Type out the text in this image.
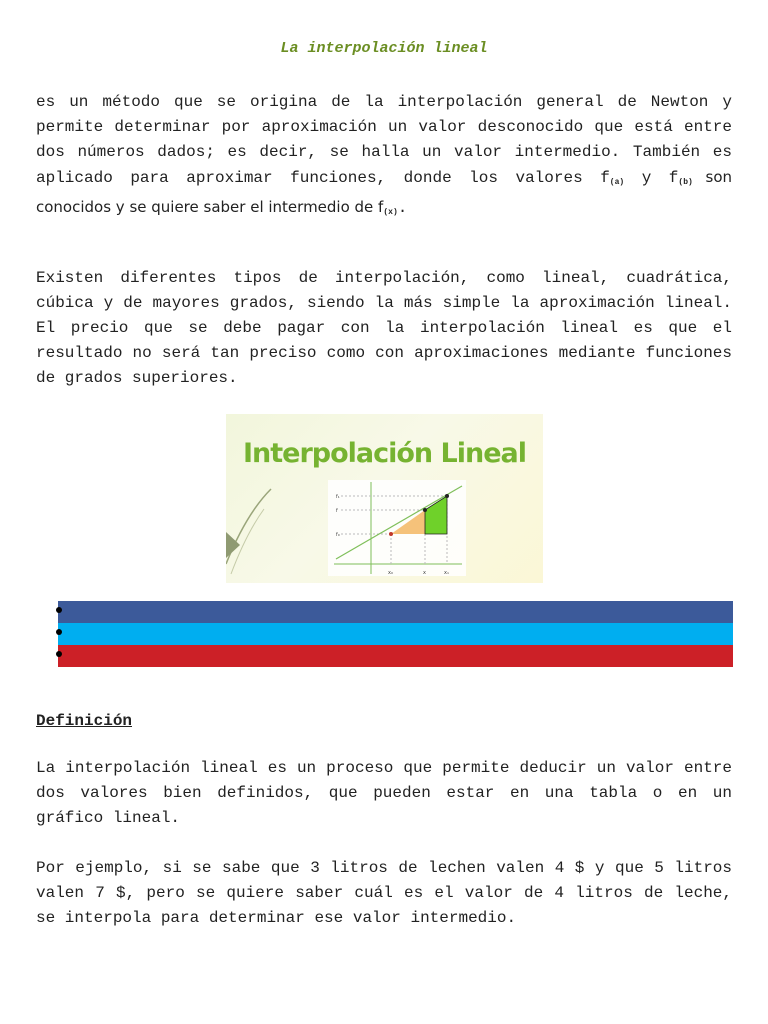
La interpolación lineal

es un método que se origina de la interpolación general de Newton y permite determinar por aproximación un valor desconocido que está entre dos números dados; es decir, se halla un valor intermedio. También es aplicado para aproximar funciones, donde los valores $f_{(a)}$ y $f_{(b)}$ son conocidos y se quiere saber el intermedio de $f_{(x)}$.

Existen diferentes tipos de interpolación, como lineal, cuadrática, cúbica y de mayores grados, siendo la más simple la aproximación lineal. El precio que se debe pagar con la interpolación lineal es que el resultado no será tan preciso como con aproximaciones mediante funciones de grados superiores.

f₁
f
f₀
x₀	x	x₁
Interpolación Lineal
Definición

La interpolación lineal es un proceso que permite deducir un valor entre dos valores bien definidos, que pueden estar en una tabla o en un gráfico lineal.

Por ejemplo, si se sabe que 3 litros de lechen valen 4 $ y que 5 litros valen 7 $, pero se quiere saber cuál es el valor de 4 litros de leche, se interpola para determinar ese valor intermedio.
